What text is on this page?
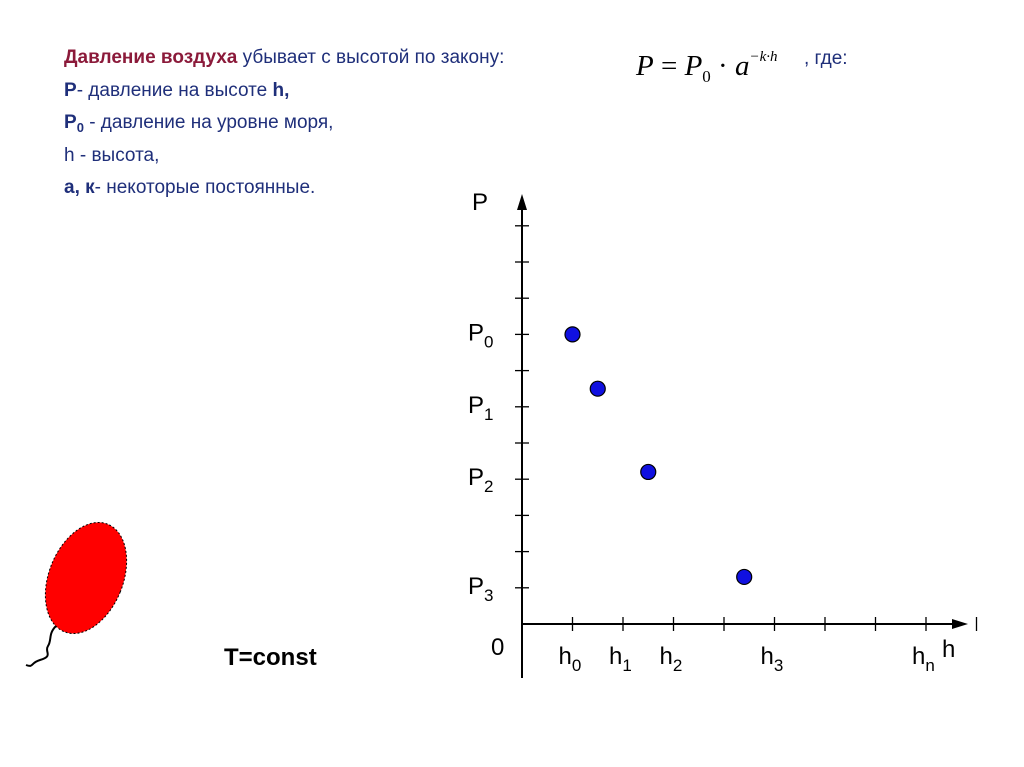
Давление воздуха убывает с высотой по закону:
P- давление на высоте h,
$P_0$ - давление на уровне моря,
h - высота,
a, к- некоторые постоянные.
$P = P_0 \cdot a^{-k\cdot h}$ , где:
T=const
P
h
0 $h_0$ $h_1$ $h_2$	$h_3$	$h_n$
$P_0$
$P_1$
$P_2$
$P_3$
